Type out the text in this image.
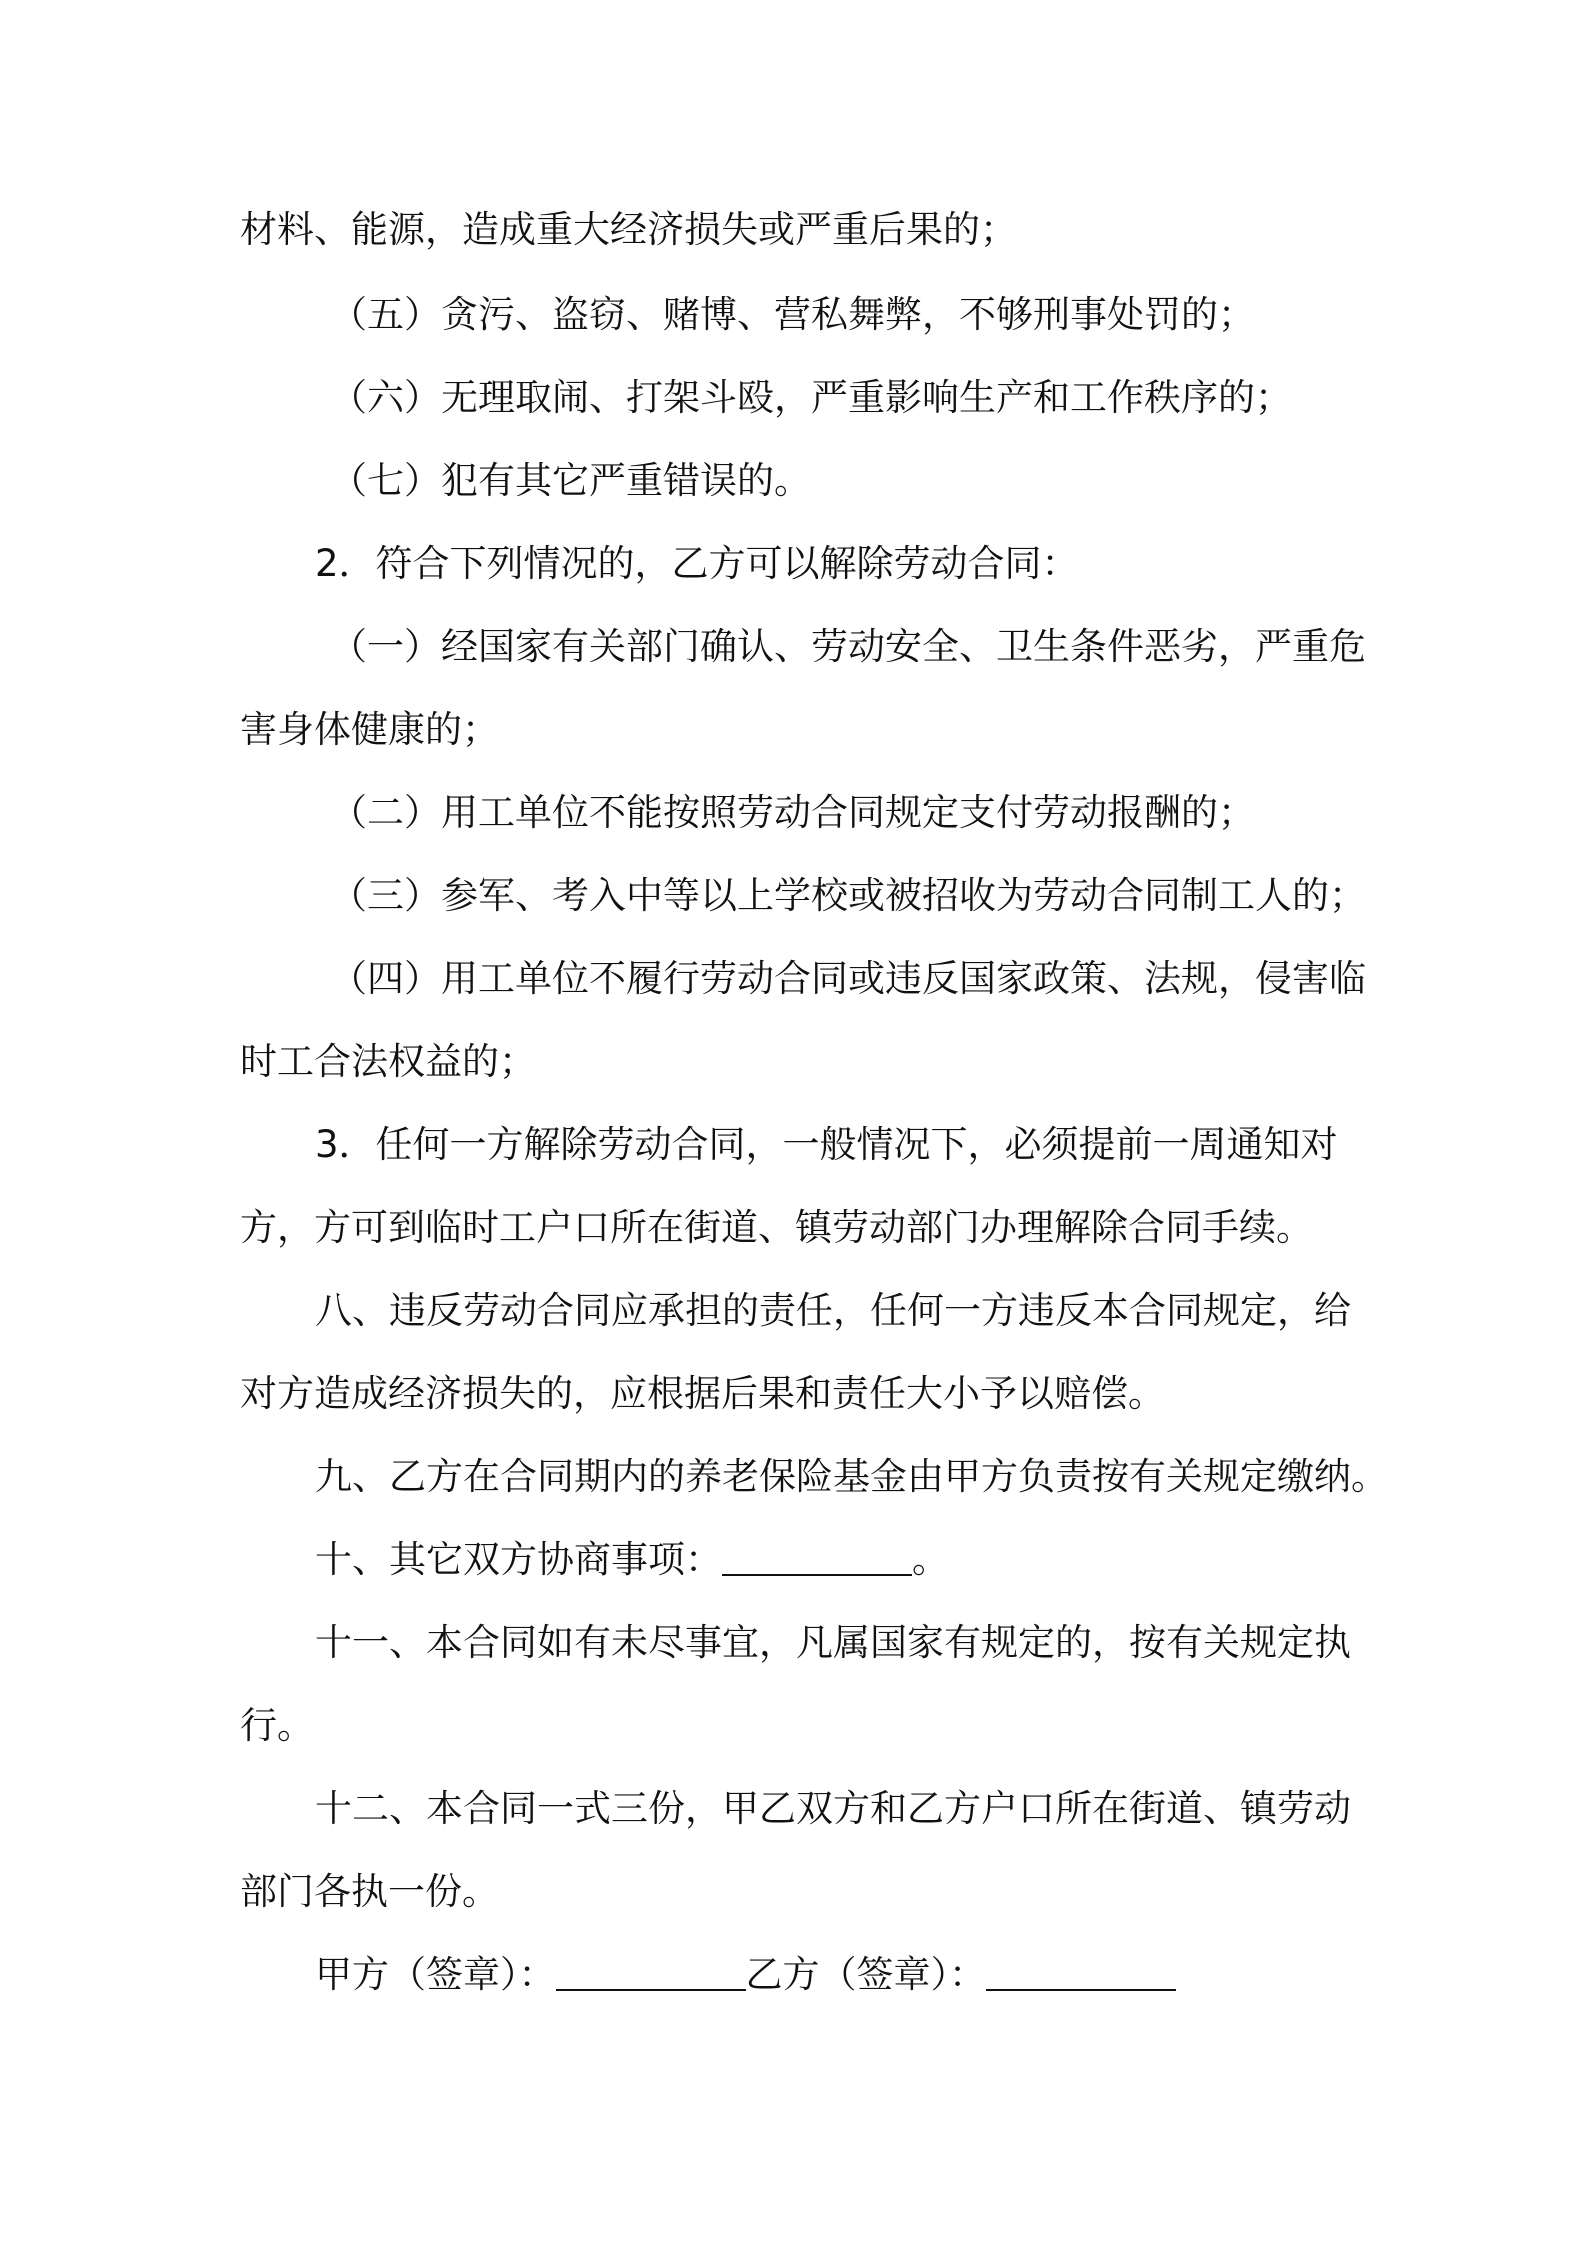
材料、能源，造成重大经济损失或严重后果的；
（五）贪污、盗窃、赌博、营私舞弊，不够刑事处罚的；
（六）无理取闹、打架斗殴，严重影响生产和工作秩序的；
（七）犯有其它严重错误的。
2．符合下列情况的，乙方可以解除劳动合同：
（一）经国家有关部门确认、劳动安全、卫生条件恶劣，严重危
害身体健康的；
（二）用工单位不能按照劳动合同规定支付劳动报酬的；
（三）参军、考入中等以上学校或被招收为劳动合同制工人的；
（四）用工单位不履行劳动合同或违反国家政策、法规，侵害临
时工合法权益的；
3．任何一方解除劳动合同，一般情况下，必须提前一周通知对
方，方可到临时工户口所在街道、镇劳动部门办理解除合同手续。
八、违反劳动合同应承担的责任，任何一方违反本合同规定，给
对方造成经济损失的，应根据后果和责任大小予以赔偿。
九、乙方在合同期内的养老保险基金由甲方负责按有关规定缴纳。
十、其它双方协商事项：	。
十一、本合同如有未尽事宜，凡属国家有规定的，按有关规定执
行。
十二、本合同一式三份，甲乙双方和乙方户口所在街道、镇劳动
部门各执一份。
甲方（签章）：	乙方（签章）：
